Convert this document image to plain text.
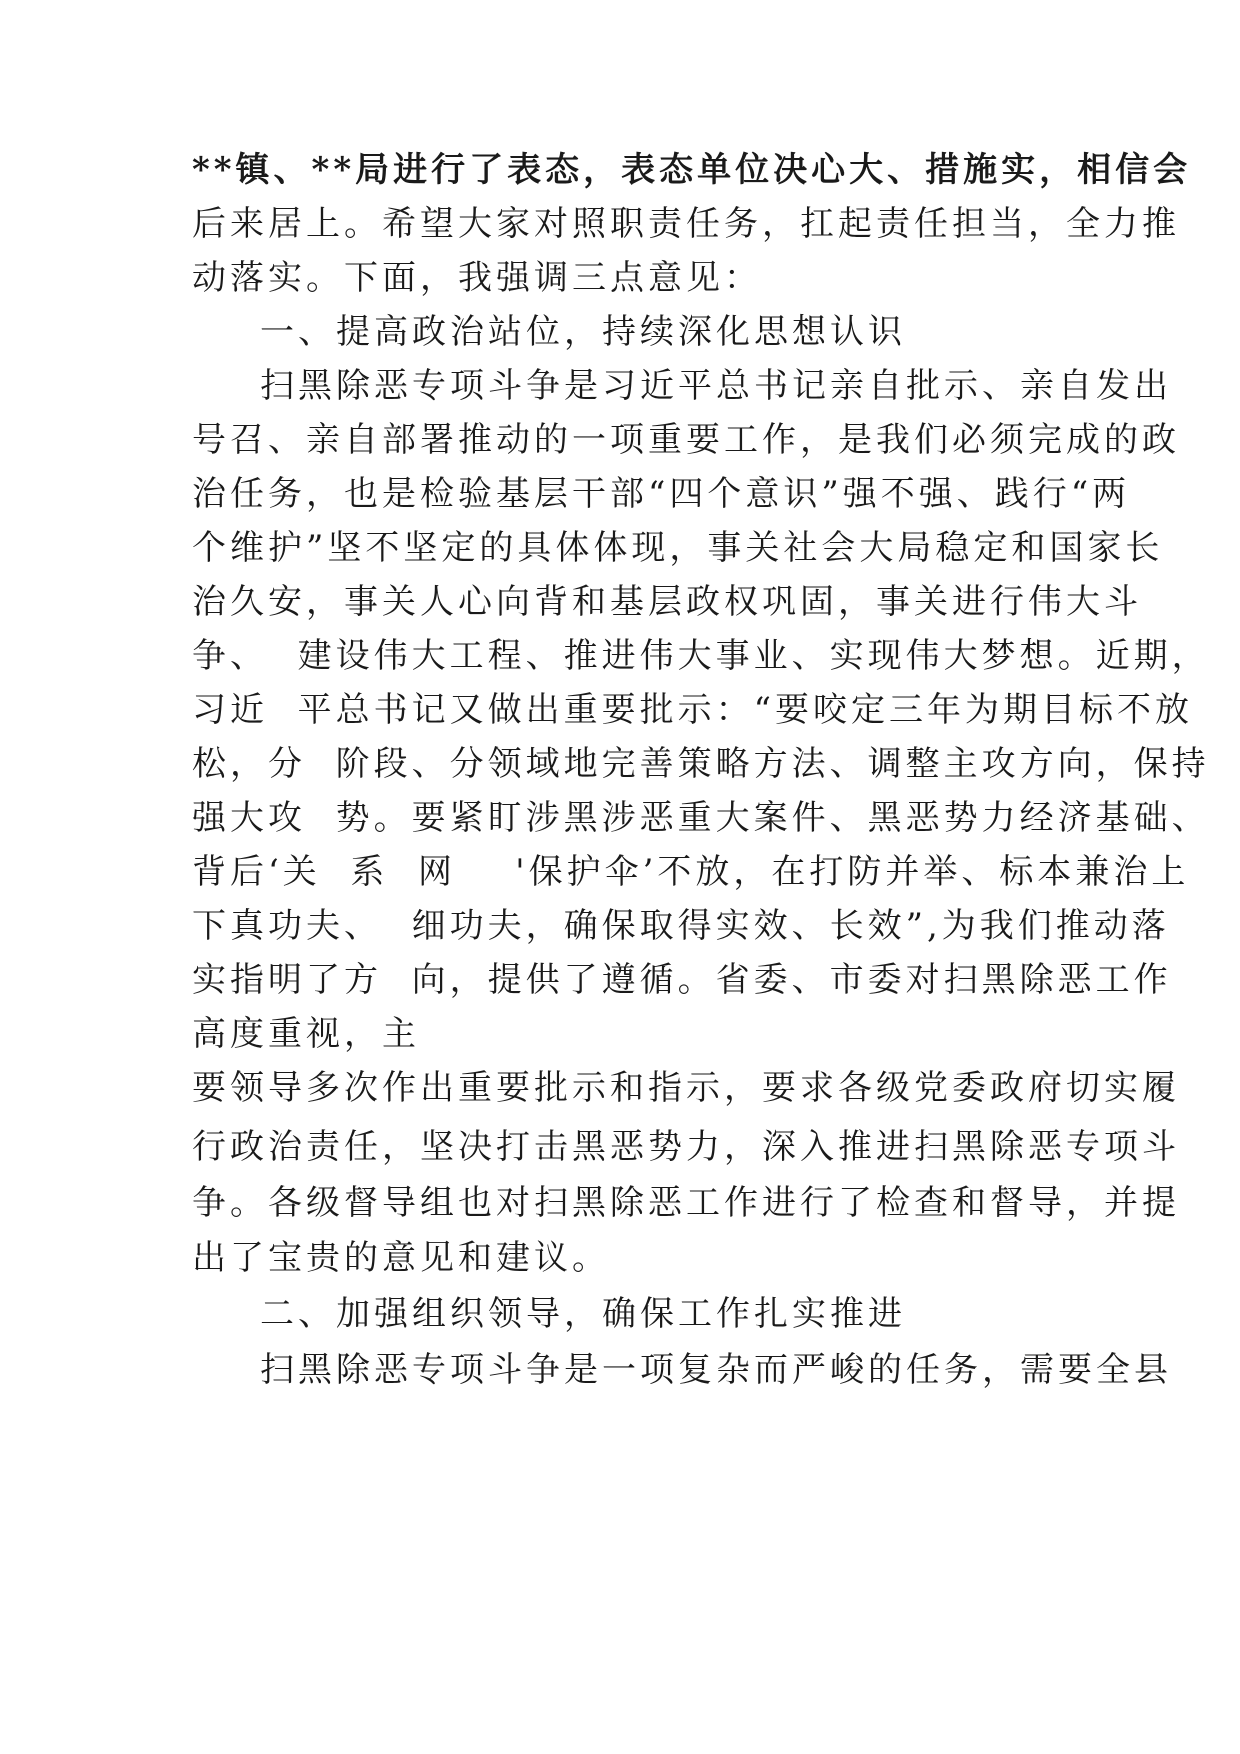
**镇、**局进行了表态，表态单位决心大、措施实，相信会
后来居上。希望大家对照职责任务，扛起责任担当，全力推
动落实。下面，我强调三点意见：
一、提高政治站位，持续深化思想认识
扫黑除恶专项斗争是习近平总书记亲自批示、亲自发出
号召、亲自部署推动的一项重要工作，是我们必须完成的政
治任务，也是检验基层干部“四个意识”强不强、践行“两
个维护”坚不坚定的具体体现，事关社会大局稳定和国家长
治久安，事关人心向背和基层政权巩固，事关进行伟大斗
争、  建设伟大工程、推进伟大事业、实现伟大梦想。近期，
习近  平总书记又做出重要批示：“要咬定三年为期目标不放
松，分  阶段、分领域地完善策略方法、调整主攻方向，保持
强大攻  势。要紧盯涉黑涉恶重大案件、黑恶势力经济基础、
背后‘关  系  网    '保护伞’不放，在打防并举、标本兼治上
下真功夫、  细功夫，确保取得实效、长效”,为我们推动落
实指明了方  向，提供了遵循。省委、市委对扫黑除恶工作
高度重视，主
要领导多次作出重要批示和指示，要求各级党委政府切实履
行政治责任，坚决打击黑恶势力，深入推进扫黑除恶专项斗
争。各级督导组也对扫黑除恶工作进行了检查和督导，并提
出了宝贵的意见和建议。
二、加强组织领导，确保工作扎实推进
扫黑除恶专项斗争是一项复杂而严峻的任务，需要全县
